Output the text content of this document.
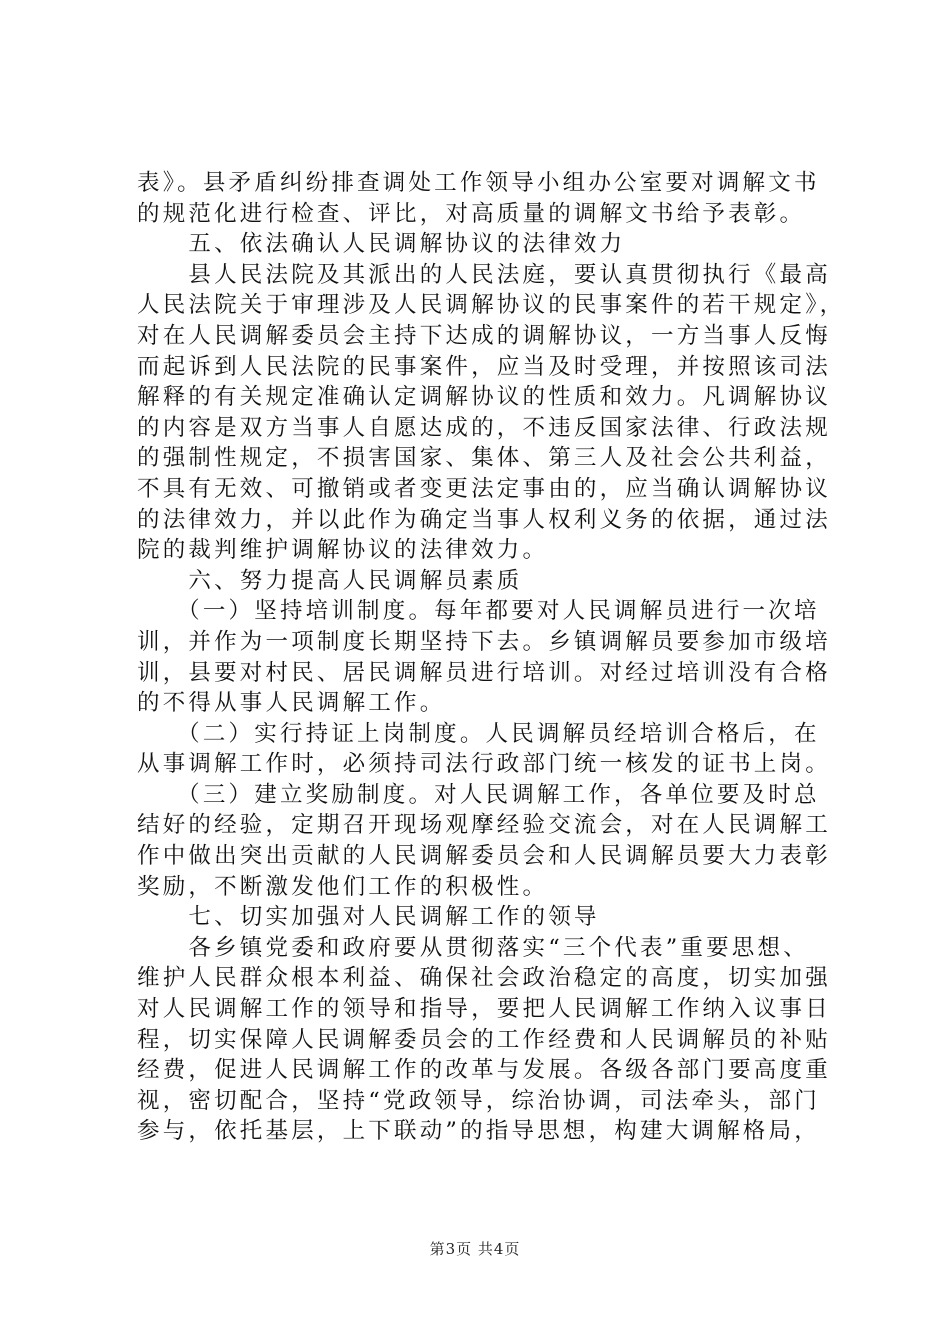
表》。县矛盾纠纷排查调处工作领导小组办公室要对调解文书
的规范化进行检查、评比，对高质量的调解文书给予表彰。
　　五、依法确认人民调解协议的法律效力
　　县人民法院及其派出的人民法庭，要认真贯彻执行《最高
人民法院关于审理涉及人民调解协议的民事案件的若干规定》，
对在人民调解委员会主持下达成的调解协议，一方当事人反悔
而起诉到人民法院的民事案件，应当及时受理，并按照该司法
解释的有关规定准确认定调解协议的性质和效力。凡调解协议
的内容是双方当事人自愿达成的，不违反国家法律、行政法规
的强制性规定，不损害国家、集体、第三人及社会公共利益，
不具有无效、可撤销或者变更法定事由的，应当确认调解协议
的法律效力，并以此作为确定当事人权利义务的依据，通过法
院的裁判维护调解协议的法律效力。
　　六、努力提高人民调解员素质
　　（一）坚持培训制度。每年都要对人民调解员进行一次培
训，并作为一项制度长期坚持下去。乡镇调解员要参加市级培
训，县要对村民、居民调解员进行培训。对经过培训没有合格
的不得从事人民调解工作。
　　（二）实行持证上岗制度。人民调解员经培训合格后，在
从事调解工作时，必须持司法行政部门统一核发的证书上岗。
　　（三）建立奖励制度。对人民调解工作，各单位要及时总
结好的经验，定期召开现场观摩经验交流会，对在人民调解工
作中做出突出贡献的人民调解委员会和人民调解员要大力表彰
奖励，不断激发他们工作的积极性。
　　七、切实加强对人民调解工作的领导
　　各乡镇党委和政府要从贯彻落实“三个代表”重要思想、
维护人民群众根本利益、确保社会政治稳定的高度，切实加强
对人民调解工作的领导和指导，要把人民调解工作纳入议事日
程，切实保障人民调解委员会的工作经费和人民调解员的补贴
经费，促进人民调解工作的改革与发展。各级各部门要高度重
视，密切配合，坚持“党政领导，综治协调，司法牵头，部门
参与，依托基层，上下联动”的指导思想，构建大调解格局，
第3页 共4页
